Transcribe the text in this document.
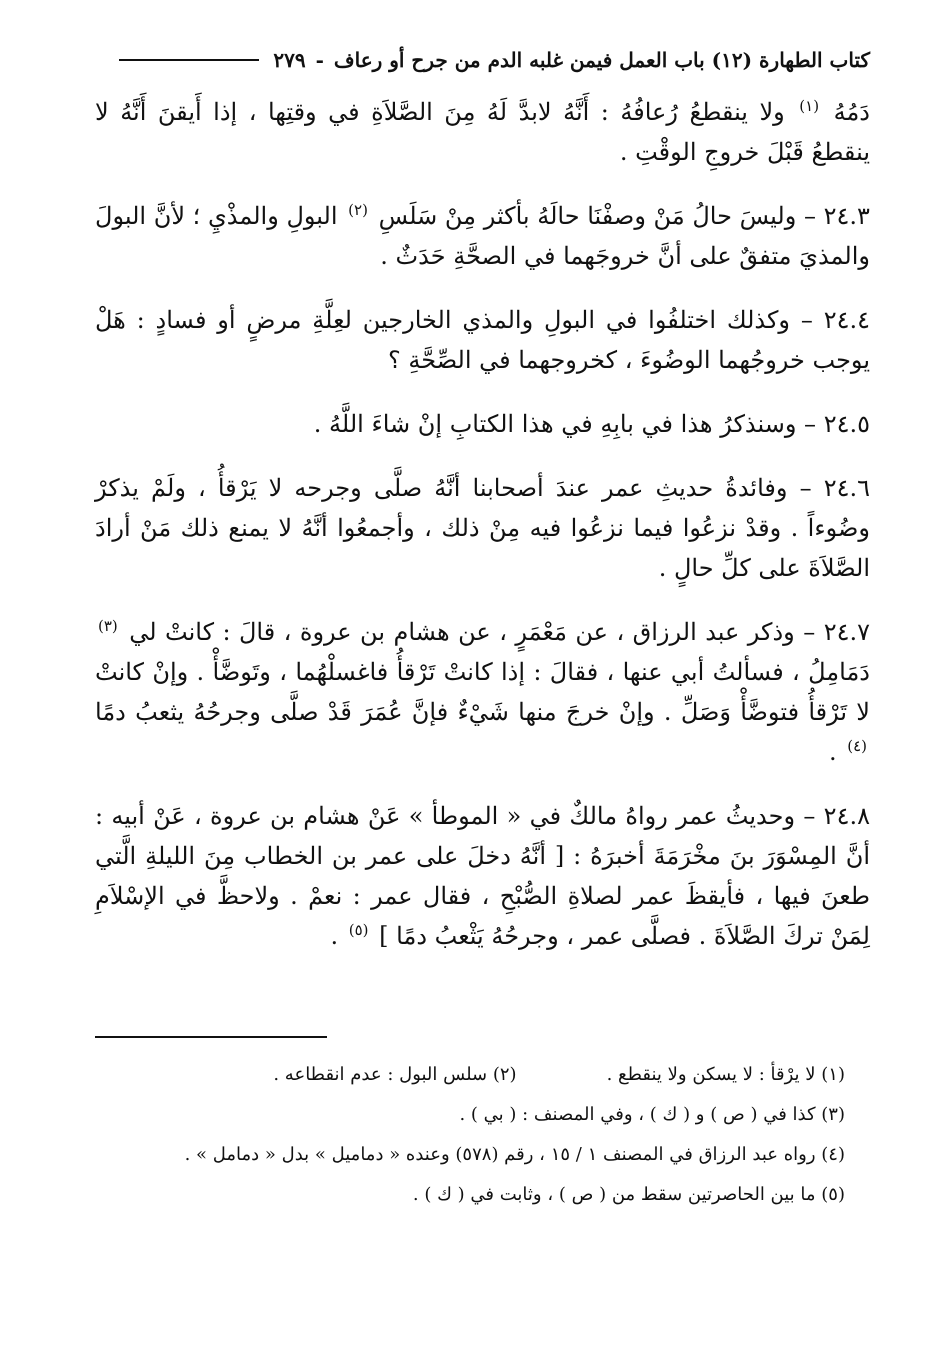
كتاب الطهارة (١٢) باب العمل فيمن غلبه الدم من جرح أو رعاف
-
٢٧٩

دَمُهُ $^{(١)}$ ولا ينقطعُ رُعافُهُ : أَنَّهُ لابدَّ لَهُ مِنَ الصَّلاَةِ في وقتِها ، إذا أَيقنَ أَنَّهُ لا ينقطعُ قَبْلَ خروجِ الوقْتِ .

٢٤.٣ – وليسَ حالُ مَنْ وصفْنَا حالَهُ بأكثر مِنْ سَلَسِ $^{(٢)}$ البولِ والمذْيِ ؛ لأنَّ البولَ والمذيَ متفقٌ على أنَّ خروجَهما في الصحَّةِ حَدَثٌ .

٢٤.٤ – وكذلك اختلفُوا في البولِ والمذي الخارجين لعِلَّةِ مرضٍ أو فسادٍ : هَلْ يوجب خروجُهما الوضُوءَ ، كخروجهما في الصِّحَّةِ ؟

٢٤.٥ – وسنذكرُ هذا في بابِهِ في هذا الكتابِ إنْ شاءَ اللَّهُ .

٢٤.٦ – وفائدةُ حديثِ عمر عندَ أصحابنا أنَّهُ صلَّى وجرحه لا يَرْقأُ ، ولَمْ يذكرْ وضُوءاً . وقدْ نزعُوا فيما نزعُوا فيه مِنْ ذلك ، وأجمعُوا أنَّهُ لا يمنع ذلك مَنْ أرادَ الصَّلاَةَ على كلِّ حالٍ .

٢٤.٧ – وذكر عبد الرزاق ، عن مَعْمَرٍ ، عن هشام بن عروة ، قالَ : كانتْ لي $^{(٣)}$ دَمَامِلُ ، فسألتُ أبي عنها ، فقالَ : إذا كانتْ تَرْقأُ فاغسلْهُما ، وتَوضَّأْ . وإنْ كانتْ لا تَرْقأُ فتوضَّأْ وَصَلِّ . وإنْ خرجَ منها شَيْءٌ فإنَّ عُمَرَ قَدْ صلَّى وجرحُهُ يثعبُ دمًا $^{(٤)}$ .

٢٤.٨ – وحديثُ عمر رواهُ مالكٌ في « الموطأ » عَنْ هشام بن عروة ، عَنْ أبيه : أنَّ المِسْوَرَ بنَ مخْرَمَةَ أخبرَهُ : [ أنَّهُ دخلَ على عمر بن الخطاب مِنَ الليلةِ الَّتي طعنَ فيها ، فأيقظَ عمر لصلاةِ الصُّبْحِ ، فقال عمر : نعمْ . ولاحظَّ في الإسْلاَمِ لِمَنْ تركَ الصَّلاَةَ . فصلَّى عمر ، وجرحُهُ يَثْعبُ دمًا ] $^{(٥)}$ .

(١) لا يرْقأ : لا يسكن ولا ينقطع .
(٢) سلس البول : عدم انقطاعه .

(٣) كذا في ( ص ) و ( ك ) ، وفي المصنف : ( بي ) .

(٤) رواه عبد الرزاق في المصنف ١ / ١٥ ، رقم (٥٧٨) وعنده « دماميل » بدل « دمامل » .

(٥) ما بين الحاصرتين سقط من ( ص ) ، وثابت في ( ك ) .
